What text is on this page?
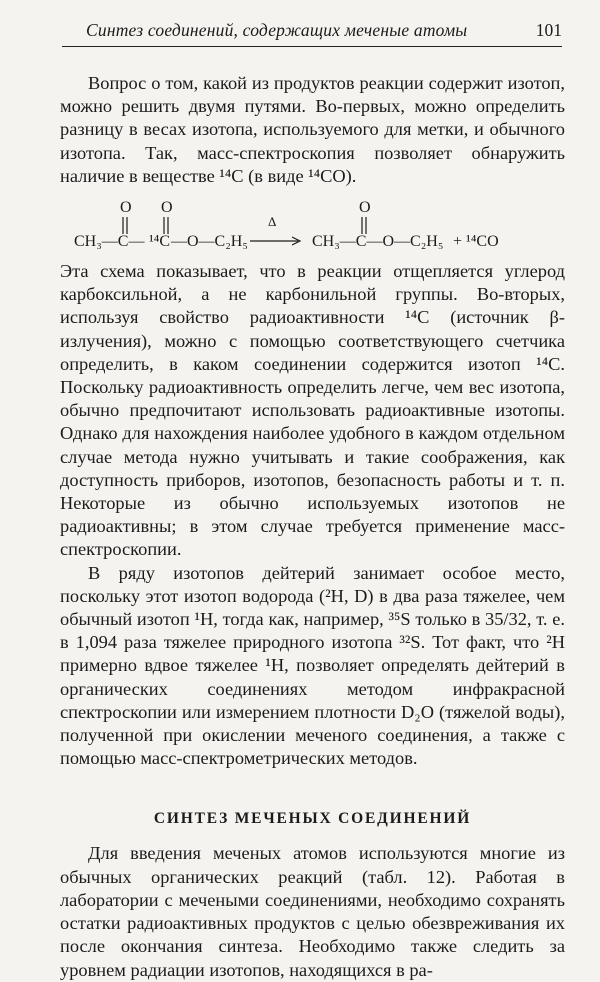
Синтез соединений, содержащих меченые атомы	101

Вопрос о том, какой из продуктов реакции содержит изотоп, можно решить двумя путями. Во-первых, можно определить разницу в весах изотопа, используемого для метки, и обычного изотопа. Так, масс-спектроскопия позволяет обнаружить наличие в веществе ¹⁴C (в виде ¹⁴CO).

O O	O
CH₃—C— ¹⁴C —O—C₂H₅
Δ
CH₃—C—O—C₂H₅ + ¹⁴CO

Эта схема показывает, что в реакции отщепляется углерод карбоксильной, а не карбонильной группы. Во-вторых, используя свойство радиоактивности ¹⁴C (источник β-излучения), можно с помощью соответствующего счетчика определить, в каком соединении содержится изотоп ¹⁴C. Поскольку радиоактивность определить легче, чем вес изотопа, обычно предпочитают использовать радиоактивные изотопы. Однако для нахождения наиболее удобного в каждом отдельном случае метода нужно учитывать и такие соображения, как доступность приборов, изотопов, безопасность работы и т. п. Некоторые из обычно используемых изотопов не радиоактивны; в этом случае требуется применение масс-спектроскопии.

В ряду изотопов дейтерий занимает особое место, поскольку этот изотоп водорода (²H, D) в два раза тяжелее, чем обычный изотоп ¹H, тогда как, например, ³⁵S только в 35/32, т. е. в 1,094 раза тяжелее природного изотопа ³²S. Тот факт, что ²H примерно вдвое тяжелее ¹H, позволяет определять дейтерий в органических соединениях методом инфракрасной спектроскопии или измерением плотности D₂O (тяжелой воды), полученной при окислении меченого соединения, а также с помощью масс-спектрометрических методов.

СИНТЕЗ МЕЧЕНЫХ СОЕДИНЕНИЙ

Для введения меченых атомов используются многие из обычных органических реакций (табл. 12). Работая в лаборатории с мечеными соединениями, необходимо сохранять остатки радиоактивных продуктов с целью обезвреживания их после окончания синтеза. Необходимо также следить за уровнем радиации изотопов, находящихся в ра-
